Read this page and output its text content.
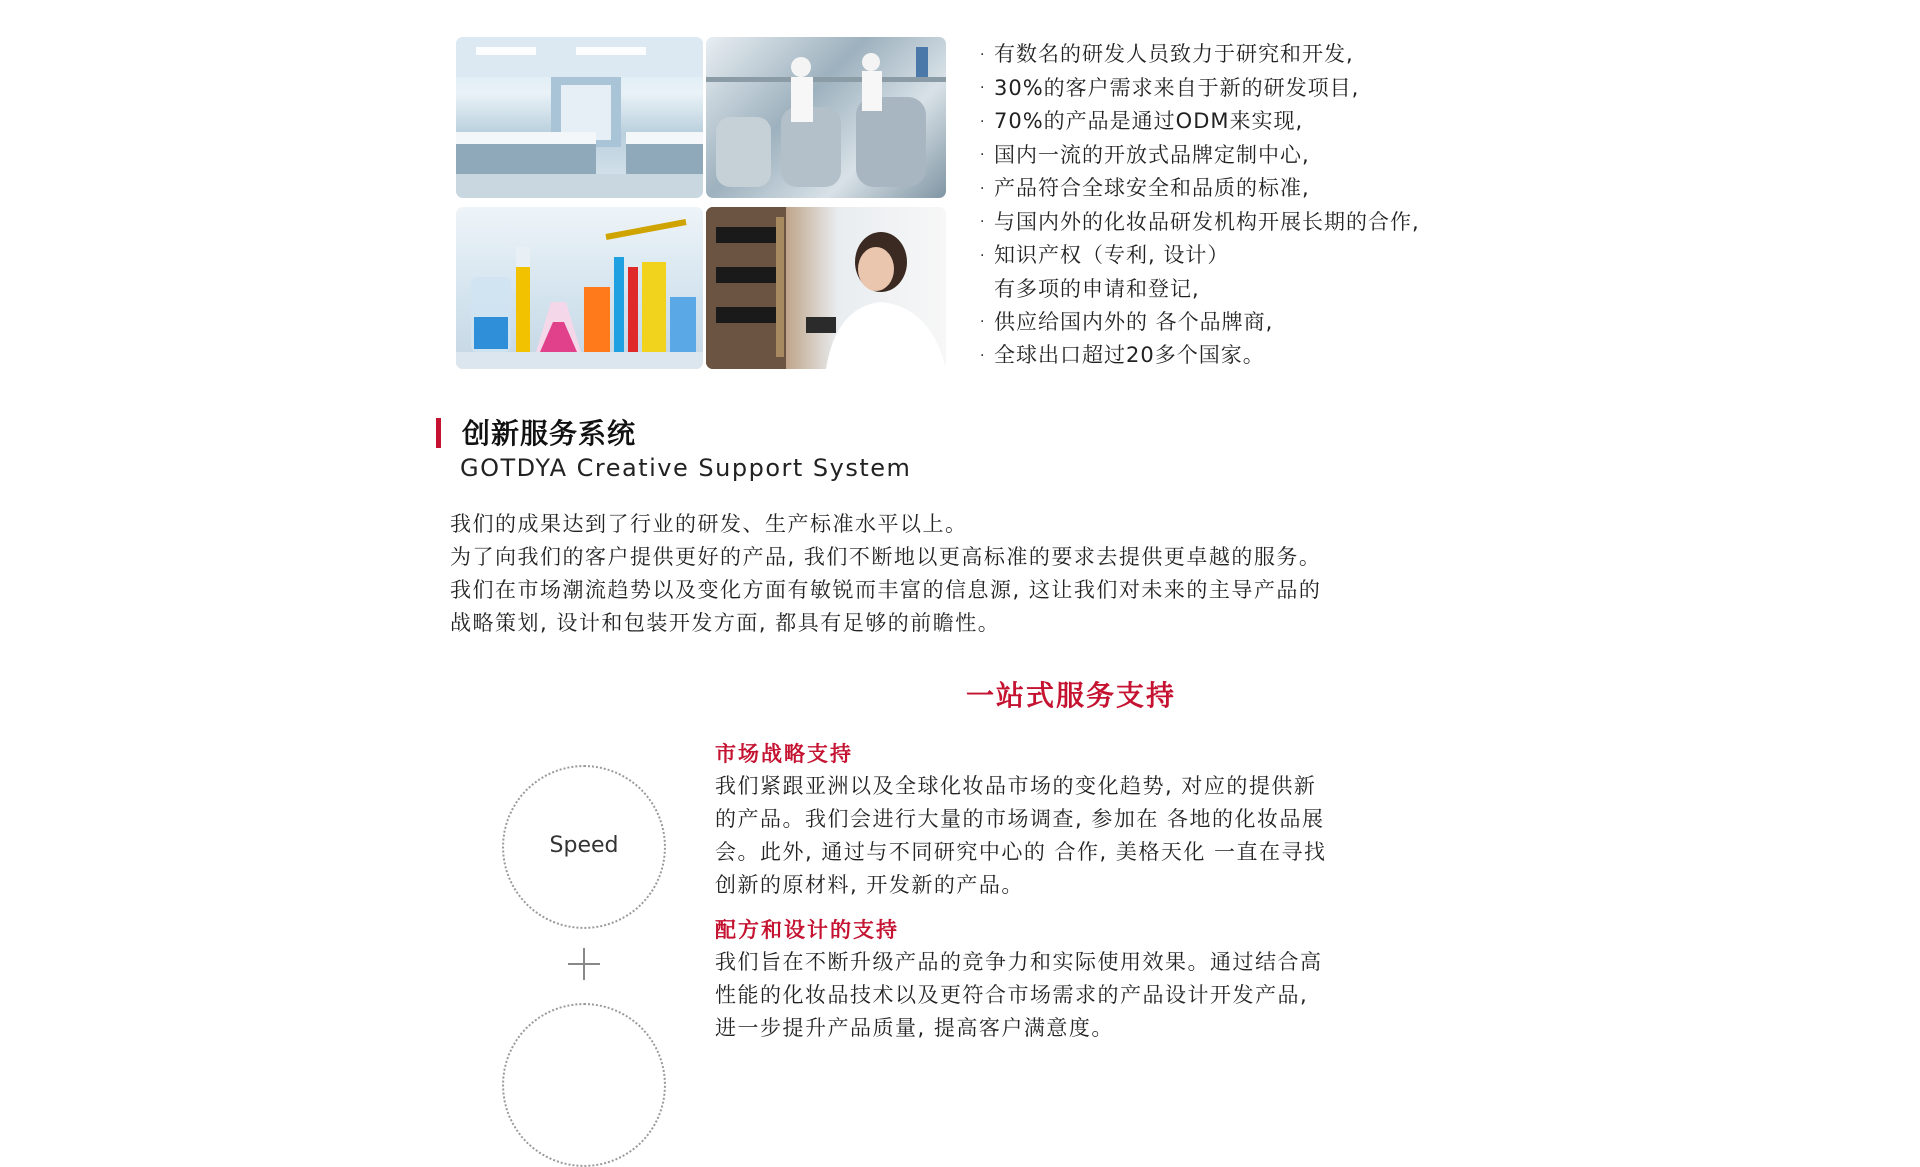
· 有数名的研发人员致力于研究和开发,
· 30%的客户需求来自于新的研发项目,
· 70%的产品是通过ODM来实现,
· 国内一流的开放式品牌定制中心,
· 产品符合全球安全和品质的标准,
· 与国内外的化妆品研发机构开展长期的合作,
· 知识产权（专利, 设计）
有多项的申请和登记,
· 供应给国内外的 各个品牌商,
· 全球出口超过20多个国家。
创新服务系统
GOTDYA Creative Support System
我们的成果达到了行业的研发、生产标准水平以上。
为了向我们的客户提供更好的产品, 我们不断地以更高标准的要求去提供更卓越的服务。
我们在市场潮流趋势以及变化方面有敏锐而丰富的信息源, 这让我们对未来的主导产品的
战略策划, 设计和包装开发方面, 都具有足够的前瞻性。
一站式服务支持
Speed
市场战略支持
我们紧跟亚洲以及全球化妆品市场的变化趋势, 对应的提供新
的产品。我们会进行大量的市场调查, 参加在 各地的化妆品展
会。此外, 通过与不同研究中心的 合作, 美格天化 一直在寻找
创新的原材料, 开发新的产品。
配方和设计的支持
我们旨在不断升级产品的竞争力和实际使用效果。通过结合高
性能的化妆品技术以及更符合市场需求的产品设计开发产品,
进一步提升产品质量, 提高客户满意度。
